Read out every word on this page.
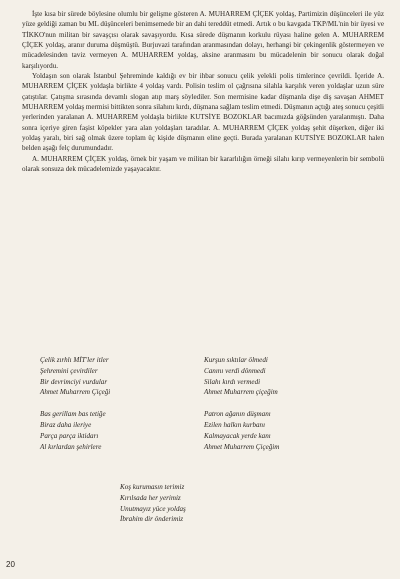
İşte kısa bir sürede böylesine olumlu bir gelişme gösteren A. MUHARREM ÇİÇEK yoldaş, Partimizin düşünceleri ile yüz yüze geldiği zaman bu ML düşünceleri benimsemede bir an dahi tereddüt etmedi. Artık o bu kavgada TKP/ML'nin bir üyesi ve TİKKO'nun militan bir savaşçısı olarak savaşıyordu. Kısa sürede düşmanın korkulu rüyası haline gelen A. MUHARREM ÇİÇEK yoldaş, aranır duruma düşmüştü. Burjuvazi tarafından aranmasından dolayı, herhangi bir çekingenlik göstermeyen ve mücadelesinden taviz vermeyen A. MUHARREM yoldaş, aksine aranmasını bu mücadelenin bir sonucu olarak doğal karşılıyordu.

Yoldaşın son olarak İstanbul Şehreminde kaldığı ev bir ihbar sonucu çelik yelekli polis timlerince çevrildi. İçeride A. MUHARREM ÇİÇEK yoldaşla birlikte 4 yoldaş vardı. Polisin teslim ol çağrısına silahla karşılık veren yoldaşlar uzun süre çatıştılar. Çatışma sırasında devamlı slogan atıp marş söylediler. Son mermisine kadar düşmanla dişe diş savaşan AHMET MUHARREM yoldaş mermisi bittikten sonra silahını kırdı, düşmana sağlam teslim etmedi. Düşmanın açtığı ateş sonucu çeşitli yerlerinden yaralanan A. MUHARREM yoldaşla birlikte KUTSİYE BOZOKLAR bacımızda göğsünden yaralanmıştı. Daha sonra içeriye giren faşist köpekler yara alan yoldaşları taradılar. A. MUHARREM ÇİÇEK yoldaş şehit düşerken, diğer iki yoldaş yaralı, biri sağ olmak üzere toplam üç kişide düşmanın eline geçti. Burada yaralanan KUTSİYE BOZOKLAR halen belden aşağı felç durumundadır.

A. MUHARREM ÇİÇEK yoldaş, örnek bir yaşam ve militan bir kararlılığın örneği silahı kırıp vermeyenlerin bir sembolü olarak sonsuza dek mücadelemizde yaşayacaktır.

Çelik zırhlı MİT'ler itler
Şehremini çevirdiler
Bir devrimciyi vurdular
Ahmet Muharrem Çiçeği
Bas gerillam bas tetiğe
Biraz daha ileriye
Parça parça iktidarı
Al kırlardan şehirlere
Kurşun sıktılar ölmedi
Canını verdi dönmedi
Silahı kırdı vermedi
Ahmet Muharrem çiçeğim
Patron ağanın düşmanı
Ezilen halkın kurbanı
Kalmayacak yerde kanı
Ahmet Muharrem Çiçeğim
Koş kurumasın terimiz
Kırılsada her yerimiz
Unutmayız yüce yoldaş
İbrahim dir önderimiz
20
